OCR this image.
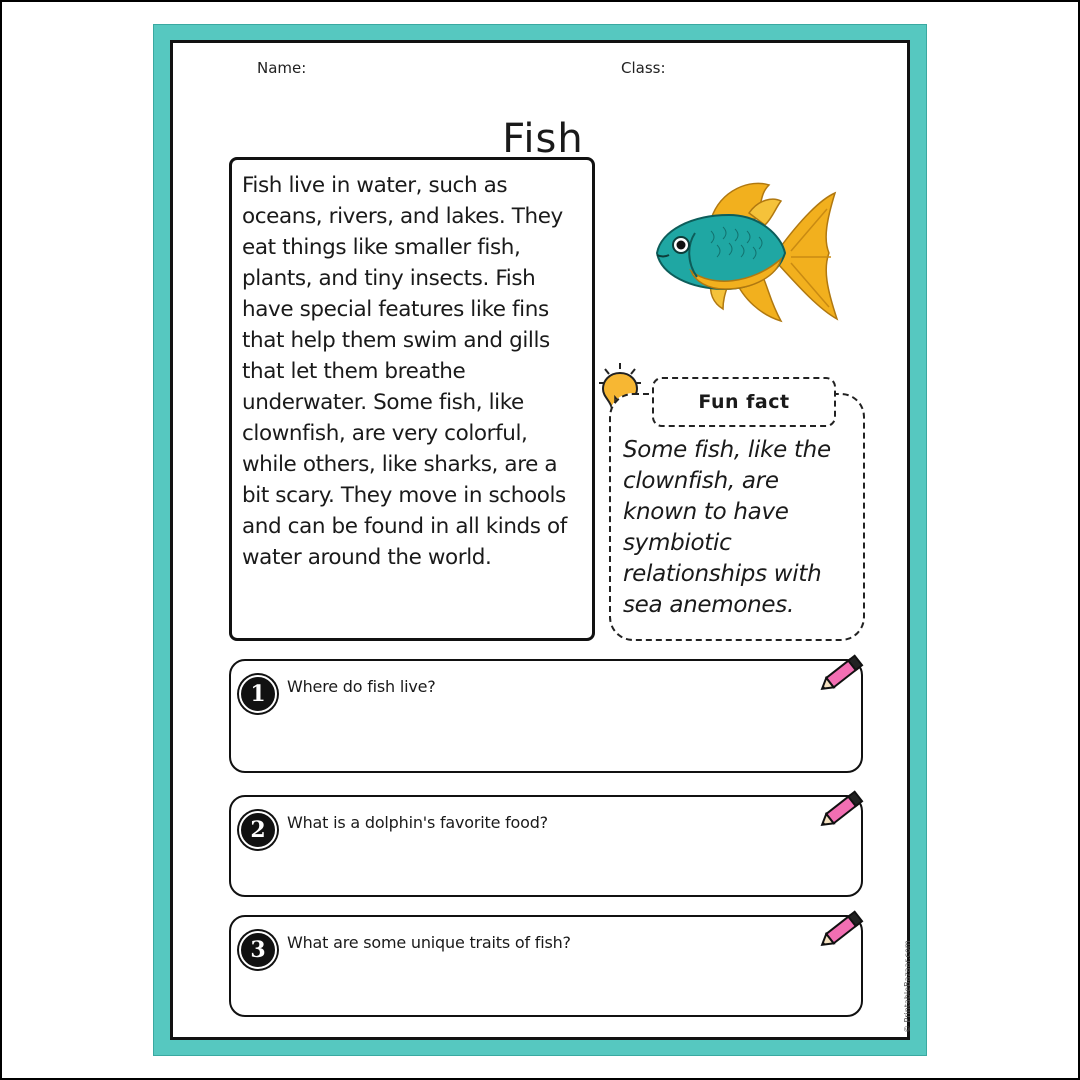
Name:	Class:
Fish

Fish live in water, such as oceans, rivers, and lakes. They eat things like smaller fish, plants, and tiny insects. Fish have special features like fins that help them swim and gills that let them breathe underwater. Some fish, like clownfish, are very colorful, while others, like sharks, are a bit scary. They move in schools and can be found in all kinds of water around the world.

Fun fact
Some fish, like the clownfish, are known to have symbiotic relationships with sea anemones.
1	Where do fish live?
2	What is a dolphin's favorite food?
3	What are some unique traits of fish?	© PrintableBazaar.com
